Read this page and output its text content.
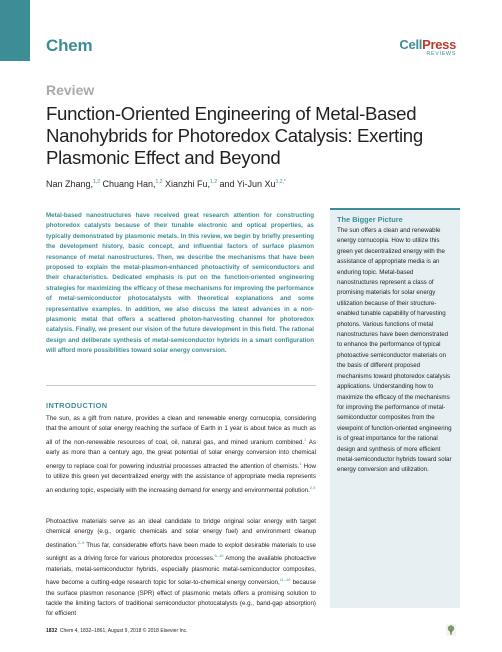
Chem	CellPress
REVIEWS
Review
Function-Oriented Engineering of Metal-Based Nanohybrids for Photoredox Catalysis: Exerting Plasmonic Effect and Beyond
Nan Zhang,$^{1,2}$ Chuang Han,$^{1,2}$ Xianzhi Fu,$^{1,2}$ and Yi-Jun $Xu^{1,2,*}$
Metal-based nanostructures have received great research attention for constructing photoredox catalysts because of their tunable electronic and optical properties, as typically demonstrated by plasmonic metals. In this review, we begin by briefly presenting the development history, basic concept, and influential factors of surface plasmon resonance of metal nanostructures. Then, we describe the mechanisms that have been proposed to explain the metal-plasmon-enhanced photoactivity of semiconductors and their characteristics. Dedicated emphasis is put on the function-oriented engineering strategies for maximizing the efficacy of these mechanisms for improving the performance of metal-semiconductor photocatalysts with theoretical explanations and some representative examples. In addition, we also discuss the latest advances in a non-plasmonic metal that offers a scattered photon-harvesting channel for photoredox catalysis. Finally, we present our vision of the future development in this field. The rational design and deliberate synthesis of metal-semiconductor hybrids in a smart configuration will afford more possibilities toward solar energy conversion.
INTRODUCTION
The sun, as a gift from nature, provides a clean and renewable energy cornucopia, considering that the amount of solar energy reaching the surface of Earth in 1 year is about twice as much as all of the non-renewable resources of coal, oil, natural gas, and mined uranium combined.$^1$ As early as more than a century ago, the great potential of solar energy conversion into chemical energy to replace coal for powering industrial processes attracted the attention of chemists.$^1$ How to utilize this green yet decentralized energy with the assistance of appropriate media represents an enduring topic, especially with the increasing demand for energy and environmental pollution.$^{2,3}$
Photoactive materials serve as an ideal candidate to bridge original solar energy with target chemical energy (e.g., organic chemicals and solar energy fuel) and environment cleanup destination.$^{2-9}$ Thus far, considerable efforts have been made to exploit desirable materials to use sunlight as a driving force for various photoredox processes.$^{5-10}$ Among the available photoactive materials, metal-semiconductor hybrids, especially plasmonic metal-semiconductor composites, have become a cutting-edge research topic for solar-to-chemical energy conversion,$^{11-16}$ because the surface plasmon resonance (SPR) effect of plasmonic metals offers a promising solution to tackle the limiting factors of traditional semiconductor photocatalysts (e.g., band-gap absorption) for efficient
The Bigger Picture
The sun offers a clean and renewable energy cornucopia. How to utilize this green yet decentralized energy with the assistance of appropriate media is an enduring topic. Metal-based nanostructures represent a class of promising materials for solar energy utilization because of their structure-enabled tunable capability of harvesting photons. Various functions of metal nanostructures have been demonstrated to enhance the performance of typical photoactive semiconductor materials on the basis of different proposed mechanisms toward photoredox catalysis applications. Understanding how to maximize the efficacy of the mechanisms for improving the performance of metal-semiconductor composites from the viewpoint of function-oriented engineering is of great importance for the rational design and synthesis of more efficient metal-semiconductor hybrids toward solar energy conversion and utilization.
1832 Chem 4, 1832–1861, August 9, 2018 © 2018 Elsevier Inc.
